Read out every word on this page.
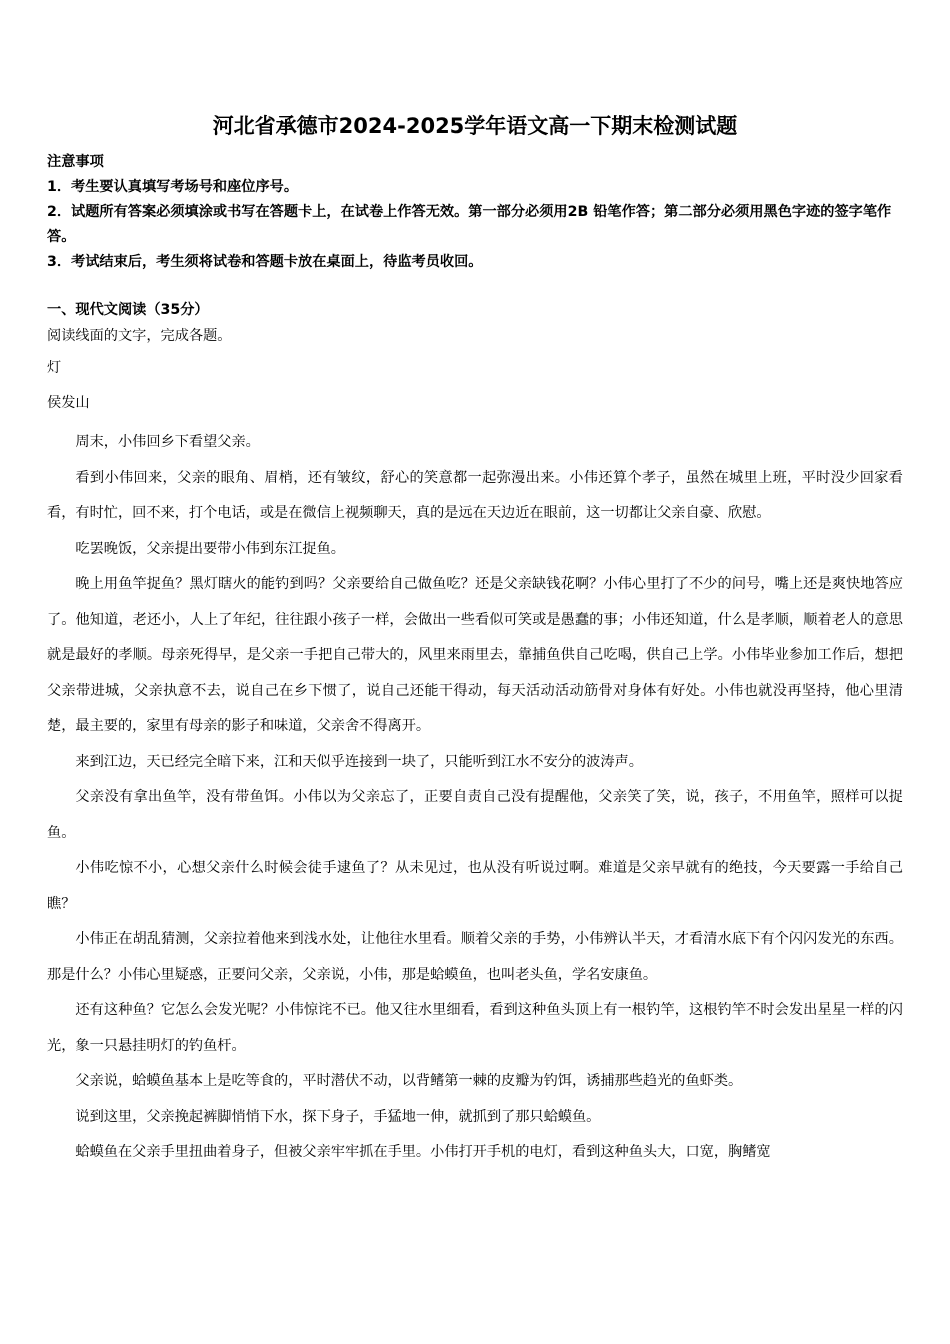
河北省承德市2024-2025学年语文高一下期末检测试题

注意事项

1．考生要认真填写考场号和座位序号。

2．试题所有答案必须填涂或书写在答题卡上，在试卷上作答无效。第一部分必须用2B 铅笔作答；第二部分必须用黑色字迹的签字笔作答。

3．考试结束后，考生须将试卷和答题卡放在桌面上，待监考员收回。

一、现代文阅读（35分）
阅读线面的文字，完成各题。
灯
侯发山

周末，小伟回乡下看望父亲。

看到小伟回来，父亲的眼角、眉梢，还有皱纹，舒心的笑意都一起弥漫出来。小伟还算个孝子，虽然在城里上班，平时没少回家看看，有时忙，回不来，打个电话，或是在微信上视频聊天，真的是远在天边近在眼前，这一切都让父亲自豪、欣慰。

吃罢晚饭，父亲提出要带小伟到东江捉鱼。

晚上用鱼竿捉鱼？黑灯瞎火的能钓到吗？父亲要给自己做鱼吃？还是父亲缺钱花啊？小伟心里打了不少的问号，嘴上还是爽快地答应了。他知道，老还小，人上了年纪，往往跟小孩子一样，会做出一些看似可笑或是愚蠢的事；小伟还知道，什么是孝顺，顺着老人的意思就是最好的孝顺。母亲死得早，是父亲一手把自己带大的，风里来雨里去，靠捕鱼供自己吃喝，供自己上学。小伟毕业参加工作后，想把父亲带进城，父亲执意不去，说自己在乡下惯了，说自己还能干得动，每天活动活动筋骨对身体有好处。小伟也就没再坚持，他心里清楚，最主要的，家里有母亲的影子和味道，父亲舍不得离开。

来到江边，天已经完全暗下来，江和天似乎连接到一块了，只能听到江水不安分的波涛声。

父亲没有拿出鱼竿，没有带鱼饵。小伟以为父亲忘了，正要自责自己没有提醒他，父亲笑了笑，说，孩子，不用鱼竿，照样可以捉鱼。

小伟吃惊不小，心想父亲什么时候会徒手逮鱼了？从未见过，也从没有听说过啊。难道是父亲早就有的绝技，今天要露一手给自己瞧？

小伟正在胡乱猜测，父亲拉着他来到浅水处，让他往水里看。顺着父亲的手势，小伟辨认半天，才看清水底下有个闪闪发光的东西。那是什么？小伟心里疑惑，正要问父亲，父亲说，小伟，那是蛤蟆鱼，也叫老头鱼，学名安康鱼。

还有这种鱼？它怎么会发光呢？小伟惊诧不已。他又往水里细看，看到这种鱼头顶上有一根钓竿，这根钓竿不时会发出星星一样的闪光，象一只悬挂明灯的钓鱼杆。

父亲说，蛤蟆鱼基本上是吃等食的，平时潜伏不动，以背鳍第一棘的皮瓣为钓饵，诱捕那些趋光的鱼虾类。

说到这里，父亲挽起裤脚悄悄下水，探下身子，手猛地一伸，就抓到了那只蛤蟆鱼。

蛤蟆鱼在父亲手里扭曲着身子，但被父亲牢牢抓在手里。小伟打开手机的电灯，看到这种鱼头大，口宽，胸鳍宽
